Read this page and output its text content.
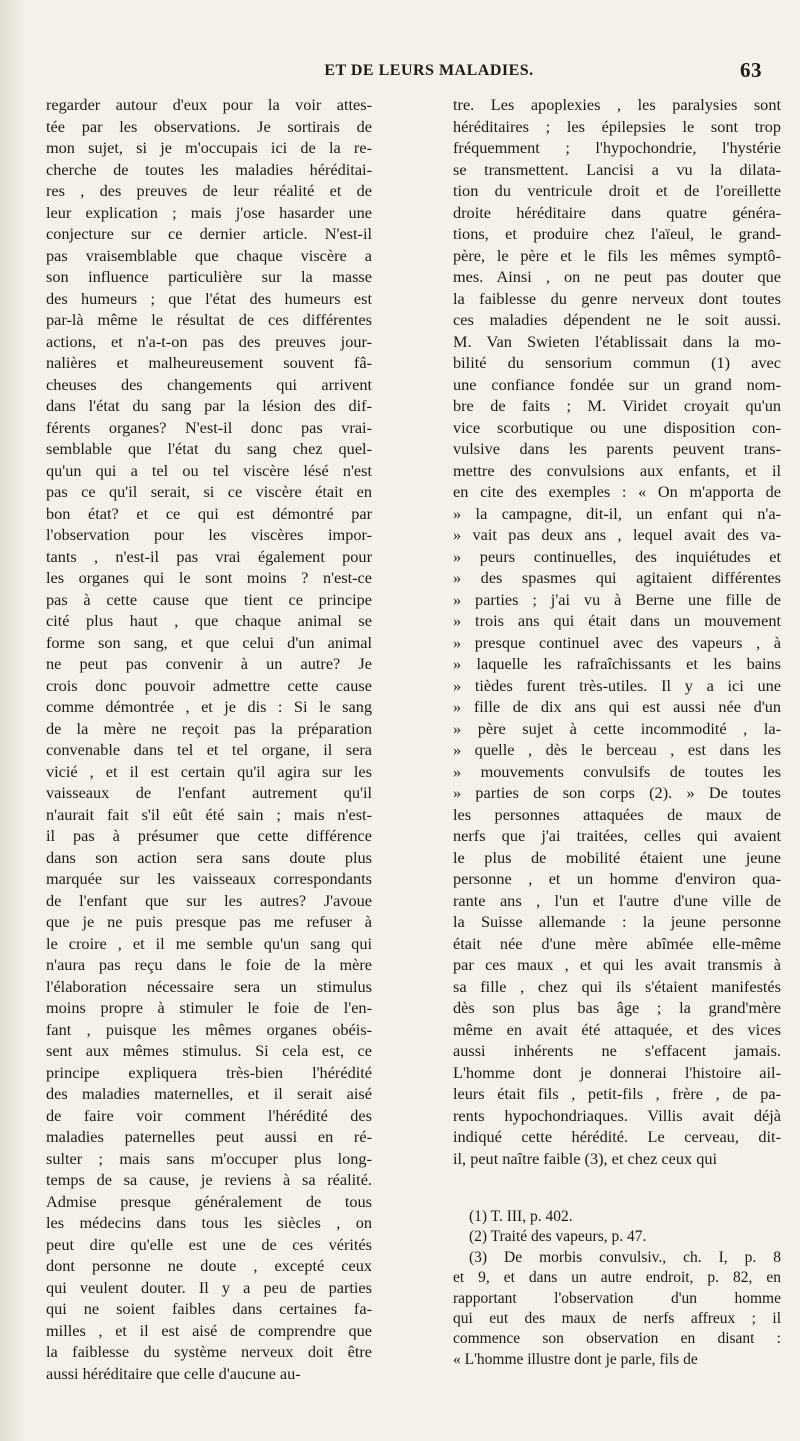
ET DE LEURS MALADIES.	63
regarder autour d'eux pour la voir attes-
tée par les observations. Je sortirais de
mon sujet, si je m'occupais ici de la re-
cherche de toutes les maladies héréditai-
res , des preuves de leur réalité et de
leur explication ; mais j'ose hasarder une
conjecture sur ce dernier article. N'est-il
pas vraisemblable que chaque viscère a
son influence particulière sur la masse
des humeurs ; que l'état des humeurs est
par-là même le résultat de ces différentes
actions, et n'a-t-on pas des preuves jour-
nalières et malheureusement souvent fâ-
cheuses des changements qui arrivent
dans l'état du sang par la lésion des dif-
férents organes? N'est-il donc pas vrai-
semblable que l'état du sang chez quel-
qu'un qui a tel ou tel viscère lésé n'est
pas ce qu'il serait, si ce viscère était en
bon état? et ce qui est démontré par
l'observation pour les viscères impor-
tants , n'est-il pas vrai également pour
les organes qui le sont moins ? n'est-ce
pas à cette cause que tient ce principe
cité plus haut , que chaque animal se
forme son sang, et que celui d'un animal
ne peut pas convenir à un autre? Je
crois donc pouvoir admettre cette cause
comme démontrée , et je dis : Si le sang
de la mère ne reçoit pas la préparation
convenable dans tel et tel organe, il sera
vicié , et il est certain qu'il agira sur les
vaisseaux de l'enfant autrement qu'il
n'aurait fait s'il eût été sain ; mais n'est-
il pas à présumer que cette différence
dans son action sera sans doute plus
marquée sur les vaisseaux correspondants
de l'enfant que sur les autres? J'avoue
que je ne puis presque pas me refuser à
le croire , et il me semble qu'un sang qui
n'aura pas reçu dans le foie de la mère
l'élaboration nécessaire sera un stimulus
moins propre à stimuler le foie de l'en-
fant , puisque les mêmes organes obéis-
sent aux mêmes stimulus. Si cela est, ce
principe expliquera très-bien l'hérédité
des maladies maternelles, et il serait aisé
de faire voir comment l'hérédité des
maladies paternelles peut aussi en ré-
sulter ; mais sans m'occuper plus long-
temps de sa cause, je reviens à sa réalité.
Admise presque généralement de tous
les médecins dans tous les siècles , on
peut dire qu'elle est une de ces vérités
dont personne ne doute , excepté ceux
qui veulent douter. Il y a peu de parties
qui ne soient faibles dans certaines fa-
milles , et il est aisé de comprendre que
la faiblesse du système nerveux doit être
aussi héréditaire que celle d'aucune au-
tre. Les apoplexies , les paralysies sont
héréditaires ; les épilepsies le sont trop
fréquemment ; l'hypochondrie, l'hystérie
se transmettent. Lancisi a vu la dilata-
tion du ventricule droit et de l'oreillette
droite héréditaire dans quatre généra-
tions, et produire chez l'aïeul, le grand-
père, le père et le fils les mêmes symptô-
mes. Ainsi , on ne peut pas douter que
la faiblesse du genre nerveux dont toutes
ces maladies dépendent ne le soit aussi.
M. Van Swieten l'établissait dans la mo-
bilité du sensorium commun (1) avec
une confiance fondée sur un grand nom-
bre de faits ; M. Viridet croyait qu'un
vice scorbutique ou une disposition con-
vulsive dans les parents peuvent trans-
mettre des convulsions aux enfants, et il
en cite des exemples : « On m'apporta de
» la campagne, dit-il, un enfant qui n'a-
» vait pas deux ans , lequel avait des va-
» peurs continuelles, des inquiétudes et
» des spasmes qui agitaient différentes
» parties ; j'ai vu à Berne une fille de
» trois ans qui était dans un mouvement
» presque continuel avec des vapeurs , à
» laquelle les rafraîchissants et les bains
» tièdes furent très-utiles. Il y a ici une
» fille de dix ans qui est aussi née d'un
» père sujet à cette incommodité , la-
» quelle , dès le berceau , est dans les
» mouvements convulsifs de toutes les
» parties de son corps (2). » De toutes
les personnes attaquées de maux de
nerfs que j'ai traitées, celles qui avaient
le plus de mobilité étaient une jeune
personne , et un homme d'environ qua-
rante ans , l'un et l'autre d'une ville de
la Suisse allemande : la jeune personne
était née d'une mère abîmée elle-même
par ces maux , et qui les avait transmis à
sa fille , chez qui ils s'étaient manifestés
dès son plus bas âge ; la grand'mère
même en avait été attaquée, et des vices
aussi inhérents ne s'effacent jamais.
L'homme dont je donnerai l'histoire ail-
leurs était fils , petit-fils , frère , de pa-
rents hypochondriaques. Villis avait déjà
indiqué cette hérédité. Le cerveau, dit-
il, peut naître faible (3), et chez ceux qui
(1) T. III, p. 402.
(2) Traité des vapeurs, p. 47.
(3) De morbis convulsiv., ch. I, p. 8
et 9, et dans un autre endroit, p. 82, en
rapportant l'observation d'un homme
qui eut des maux de nerfs affreux ; il
commence son observation en disant :
« L'homme illustre dont je parle, fils de
